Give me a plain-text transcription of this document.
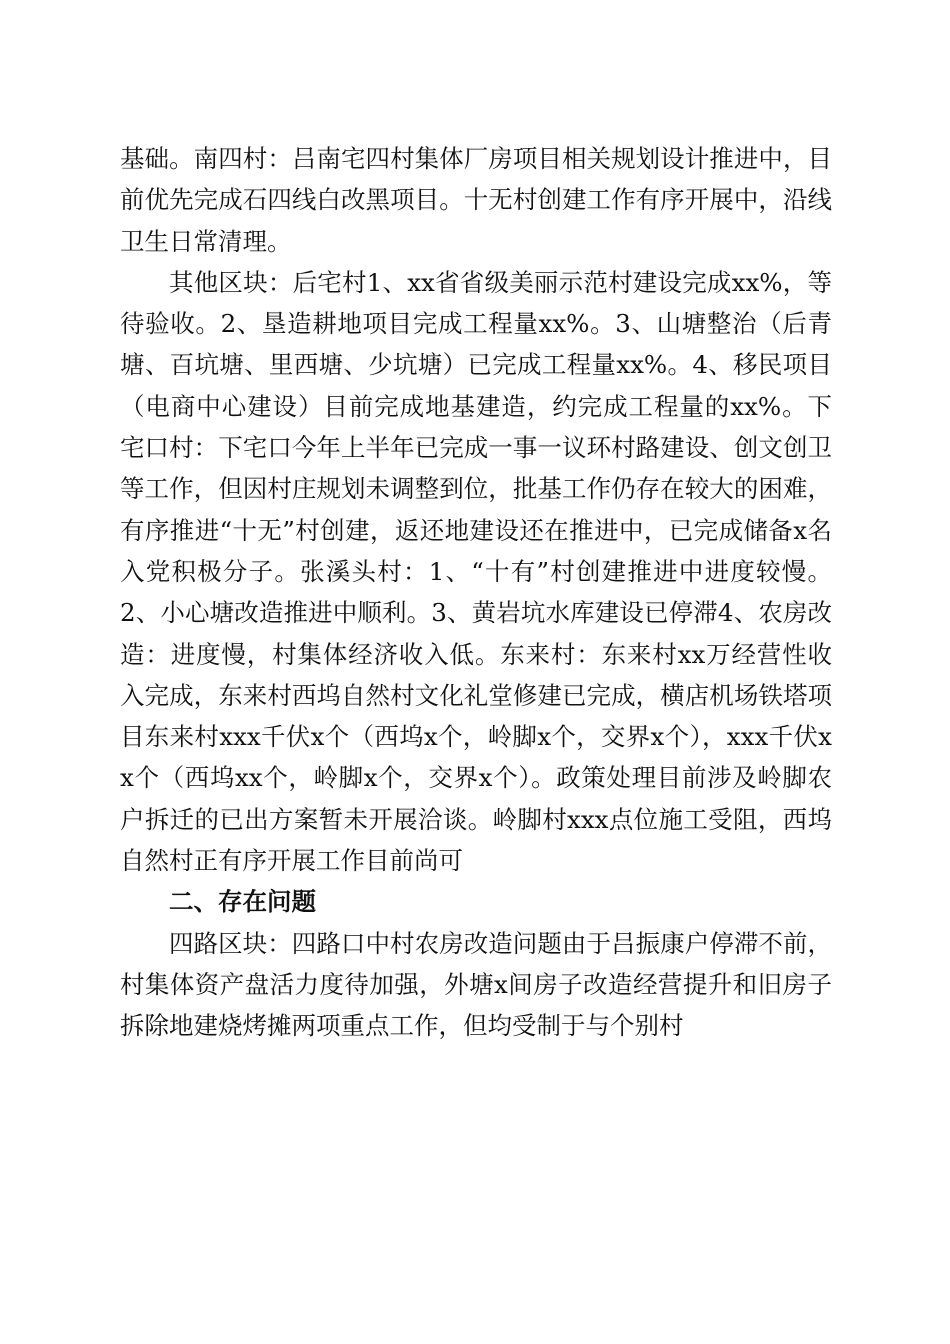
基础。南四村：吕南宅四村集体厂房项目相关规划设计推进中，目前优先完成石四线白改黑项目。十无村创建工作有序开展中，沿线卫生日常清理。

其他区块：后宅村1、xx省省级美丽示范村建设完成xx%，等待验收。2、垦造耕地项目完成工程量xx%。3、山塘整治（后青塘、百坑塘、里西塘、少坑塘）已完成工程量xx%。4、移民项目（电商中心建设）目前完成地基建造，约完成工程量的xx%。下宅口村：下宅口今年上半年已完成一事一议环村路建设、创文创卫等工作，但因村庄规划未调整到位，批基工作仍存在较大的困难，有序推进“十无”村创建，返还地建设还在推进中，已完成储备x名入党积极分子。张溪头村：1、“十有”村创建推进中进度较慢。2、小心塘改造推进中顺利。3、黄岩坑水库建设已停滞4、农房改造：进度慢，村集体经济收入低。东来村：东来村xx万经营性收入完成，东来村西坞自然村文化礼堂修建已完成，横店机场铁塔项目东来村xxx千伏x个（西坞x个，岭脚x个，交界x个），xxx千伏xx个（西坞xx个，岭脚x个，交界x个）。政策处理目前涉及岭脚农户拆迁的已出方案暂未开展洽谈。岭脚村xxx点位施工受阻，西坞自然村正有序开展工作目前尚可

二、存在问题

四路区块：四路口中村农房改造问题由于吕振康户停滞不前，村集体资产盘活力度待加强，外塘x间房子改造经营提升和旧房子拆除地建烧烤摊两项重点工作，但均受制于与个别村
